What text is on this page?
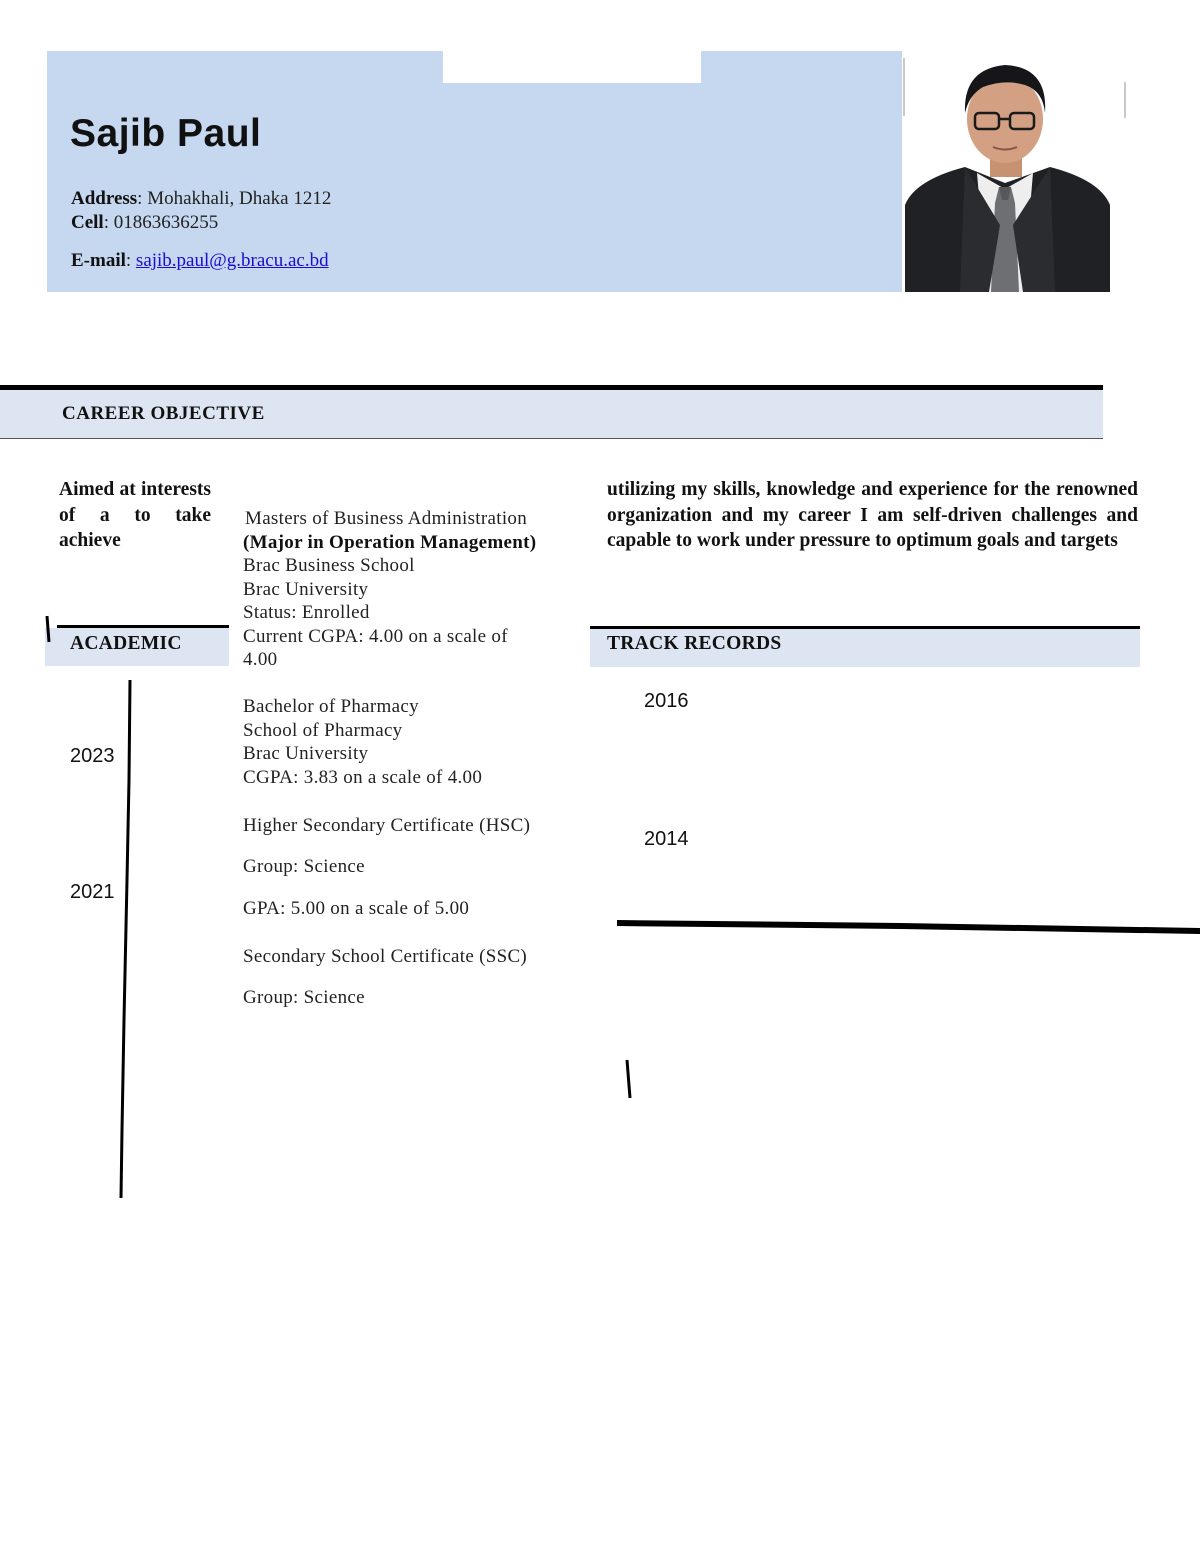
Sajib Paul
Address: Mohakhali, Dhaka 1212
Cell: 01863636255
E-mail: sajib.paul@g.bracu.ac.bd
CAREER OBJECTIVE
Aimed at interests of a to take
achieve
utilizing my skills, knowledge and experience for the renowned organization and my career I am self-driven challenges and capable to work under pressure to optimum goals and targets
ACADEMIC	TRACK RECORDS
2023
2021
2016
2014
Masters of Business Administration
(Major in Operation Management)
Brac Business School
Brac University
Status: Enrolled
Current CGPA: 4.00 on a scale of
4.00
Bachelor of Pharmacy
School of Pharmacy
Brac University
CGPA: 3.83 on a scale of 4.00
Higher Secondary Certificate (HSC)
Group: Science
GPA: 5.00 on a scale of 5.00
Secondary School Certificate (SSC)
Group: Science
